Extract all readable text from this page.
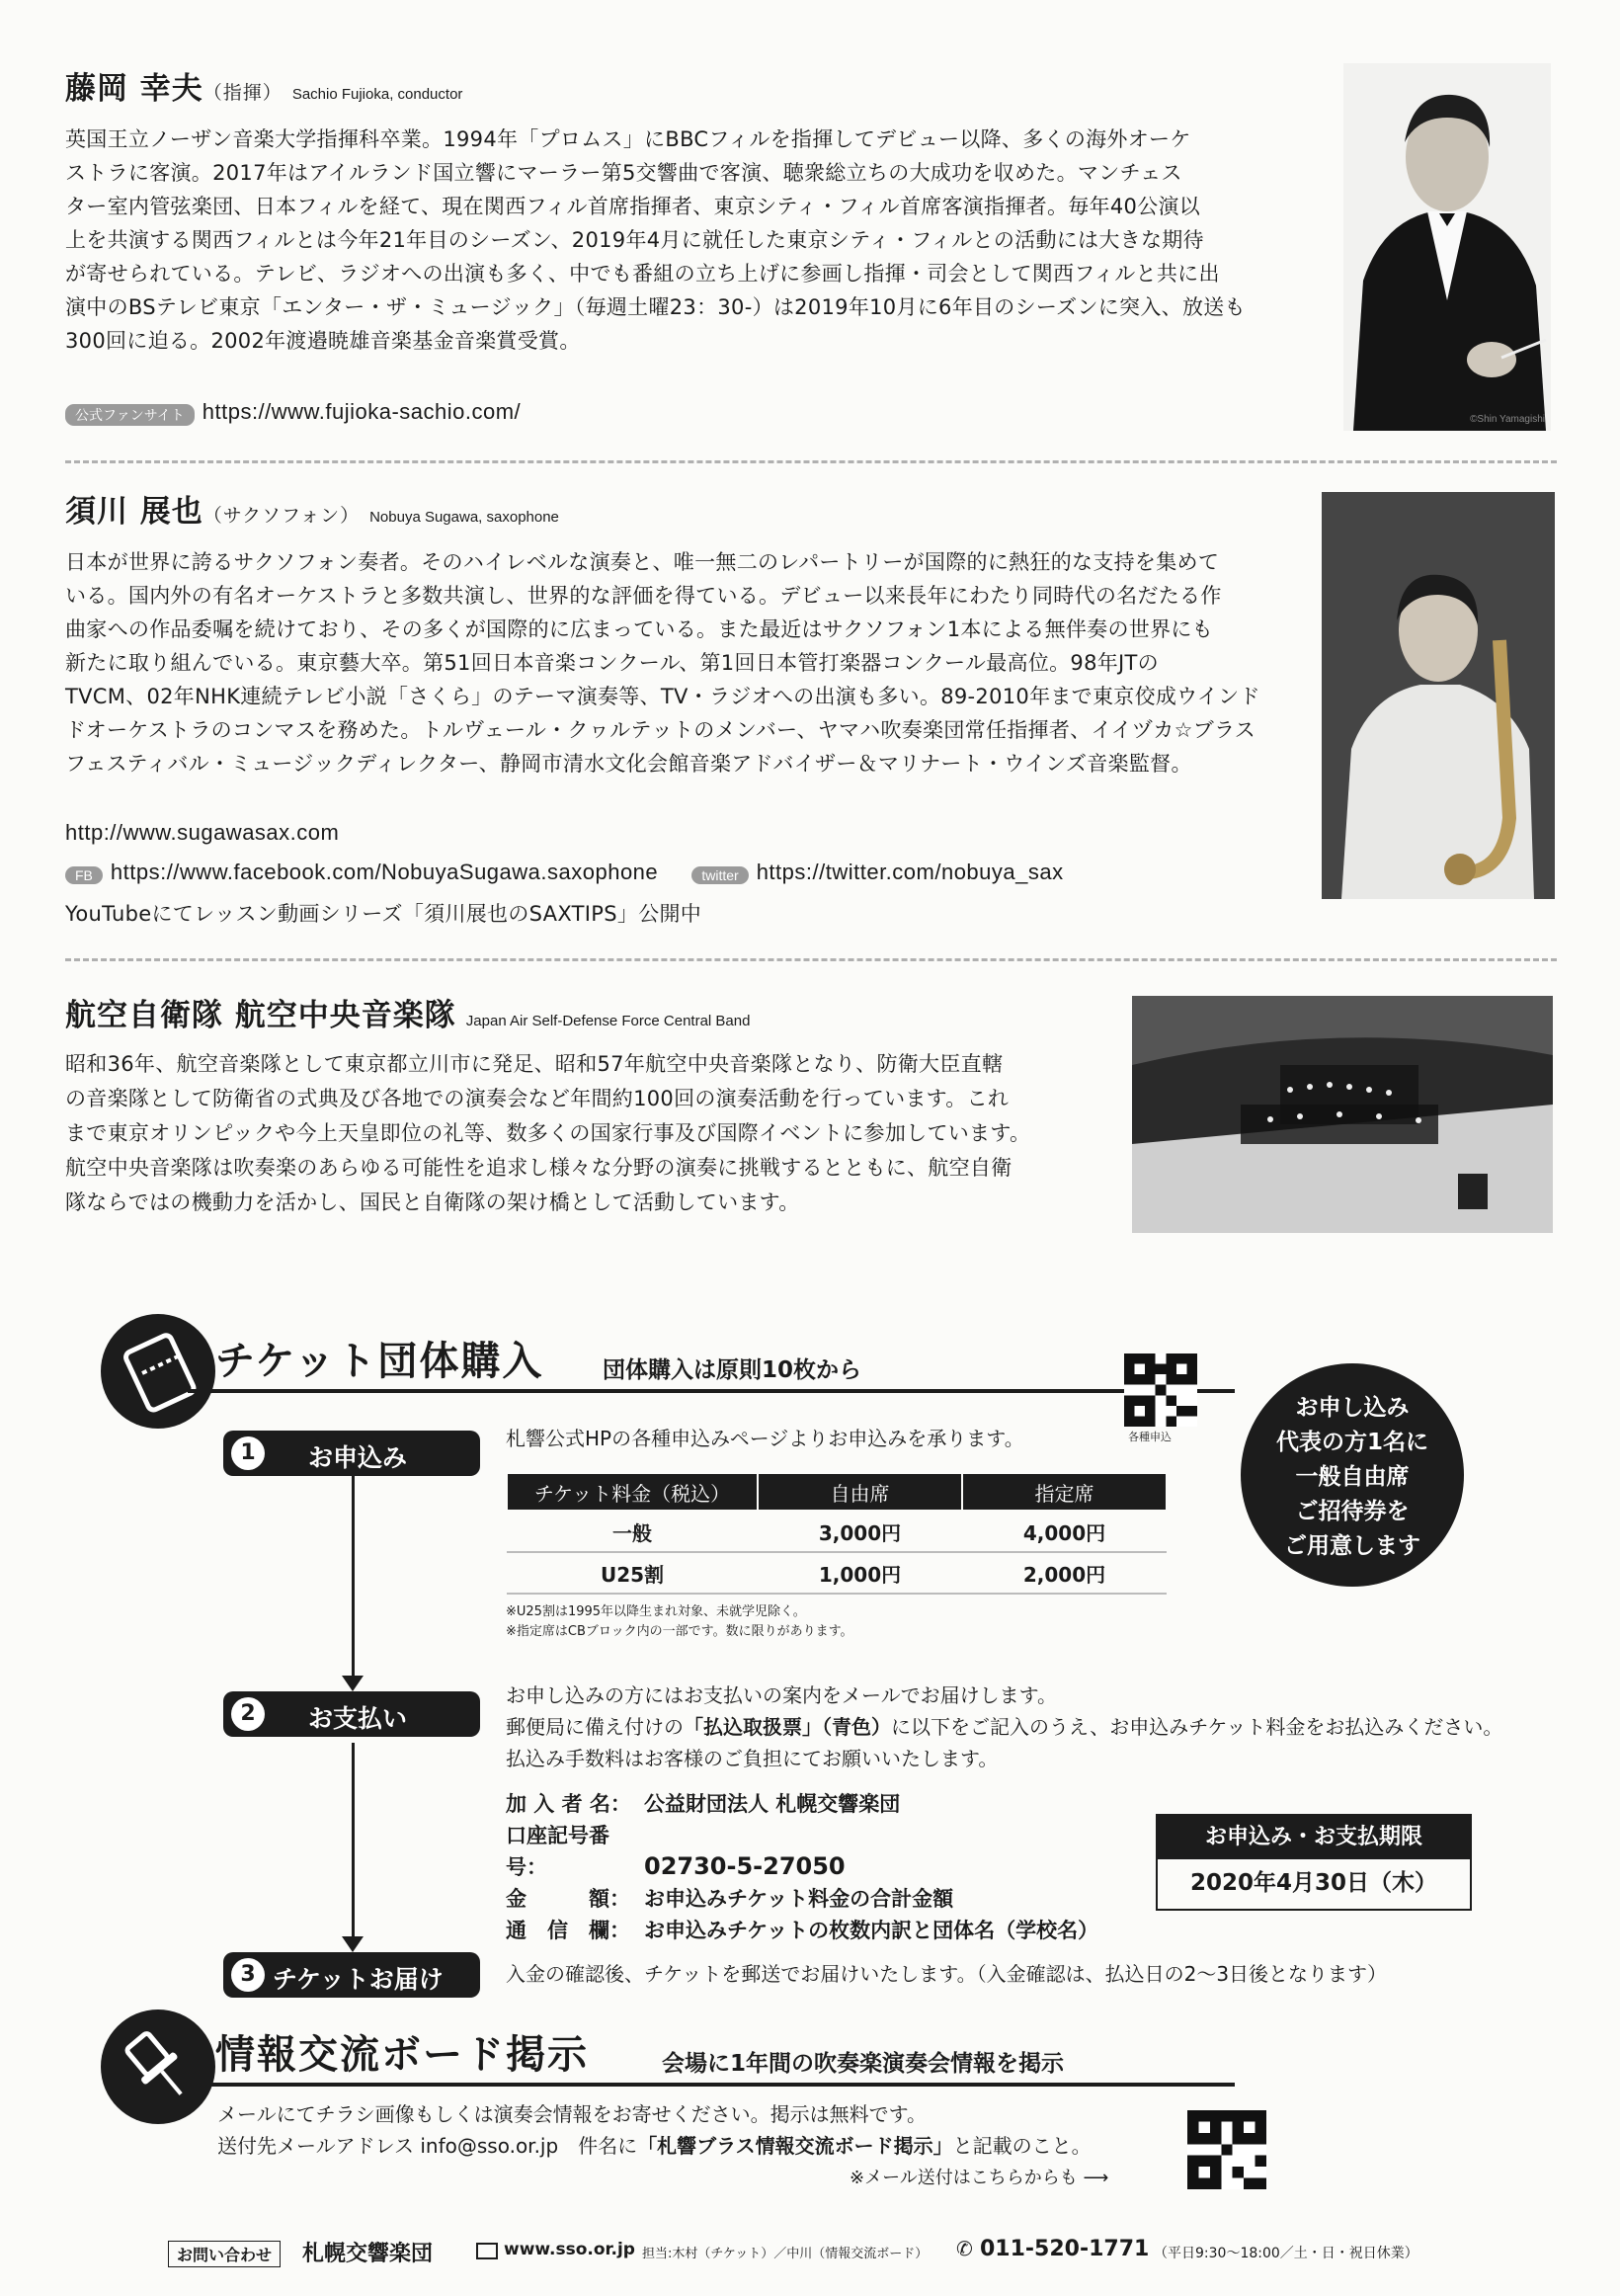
藤岡 幸夫（指揮） Sachio Fujioka, conductor
英国王立ノーザン音楽大学指揮科卒業。1994年「プロムス」にBBCフィルを指揮してデビュー以降、多くの海外オーケ
ストラに客演。2017年はアイルランド国立響にマーラー第5交響曲で客演、聴衆総立ちの大成功を収めた。マンチェス
ター室内管弦楽団、日本フィルを経て、現在関西フィル首席指揮者、東京シティ・フィル首席客演指揮者。毎年40公演以
上を共演する関西フィルとは今年21年目のシーズン、2019年4月に就任した東京シティ・フィルとの活動には大きな期待
が寄せられている。テレビ、ラジオへの出演も多く、中でも番組の立ち上げに参画し指揮・司会として関西フィルと共に出
演中のBSテレビ東京「エンター・ザ・ミュージック」（毎週土曜23：30-）は2019年10月に6年目のシーズンに突入、放送も
300回に迫る。2002年渡邉暁雄音楽基金音楽賞受賞。
公式ファンサイト https://www.fujioka-sachio.com/	©Shin Yamagishi
須川 展也（サクソフォン） Nobuya Sugawa, saxophone
日本が世界に誇るサクソフォン奏者。そのハイレベルな演奏と、唯一無二のレパートリーが国際的に熱狂的な支持を集めて
いる。国内外の有名オーケストラと多数共演し、世界的な評価を得ている。デビュー以来長年にわたり同時代の名だたる作
曲家への作品委嘱を続けており、その多くが国際的に広まっている。また最近はサクソフォン1本による無伴奏の世界にも
新たに取り組んでいる。東京藝大卒。第51回日本音楽コンクール、第1回日本管打楽器コンクール最高位。98年JTの
TVCM、02年NHK連続テレビ小説「さくら」のテーマ演奏等、TV・ラジオへの出演も多い。89-2010年まで東京佼成ウインド
ドオーケストラのコンマスを務めた。トルヴェール・クヮルテットのメンバー、ヤマハ吹奏楽団常任指揮者、イイヅカ☆ブラス
フェスティバル・ミュージックディレクター、静岡市清水文化会館音楽アドバイザー＆マリナート・ウインズ音楽監督。
http://www.sugawasax.com
FB https://www.facebook.com/NobuyaSugawa.saxophone	twitter https://twitter.com/nobuya_sax
YouTubeにてレッスン動画シリーズ「須川展也のSAXTIPS」公開中
航空自衛隊 航空中央音楽隊 Japan Air Self-Defense Force Central Band
昭和36年、航空音楽隊として東京都立川市に発足、昭和57年航空中央音楽隊となり、防衛大臣直轄
の音楽隊として防衛省の式典及び各地での演奏会など年間約100回の演奏活動を行っています。これ
まで東京オリンピックや今上天皇即位の礼等、数多くの国家行事及び国際イベントに参加しています。
航空中央音楽隊は吹奏楽のあらゆる可能性を追求し様々な分野の演奏に挑戦するとともに、航空自衛
隊ならではの機動力を活かし、国民と自衛隊の架け橋として活動しています。
チケット団体購入	団体購入は原則10枚から
各種申込
1	お申込み
札響公式HPの各種申込みページよりお申込みを承ります。
チケット料金（税込）	自由席	指定席
一般	3,000円	4,000円
U25割	1,000円	2,000円
※U25割は1995年以降生まれ対象、未就学児除く。
※指定席はCBブロック内の一部です。数に限りがあります。
お申し込み
代表の方1名に
一般自由席
ご招待券を
ご用意します
2	お支払い
お申し込みの方にはお支払いの案内をメールでお届けします。
郵便局に備え付けの「払込取扱票」（青色）に以下をご記入のうえ、お申込みチケット料金をお払込みください。
払込み手数料はお客様のご負担にてお願いいたします。
加 入 者 名： 公益財団法人 札幌交響楽団
口座記号番号：	02730-5-27050
金　　　額： お申込みチケット料金の合計金額
通　信　欄： お申込みチケットの枚数内訳と団体名（学校名）
お申込み・お支払期限
2020年4月30日（木）
3 チケットお届け	入金の確認後、チケットを郵送でお届けいたします。（入金確認は、払込日の2～3日後となります）
情報交流ボード掲示	会場に1年間の吹奏楽演奏会情報を掲示
メールにてチラシ画像もしくは演奏会情報をお寄せください。掲示は無料です。
送付先メールアドレス info@sso.or.jp　件名に「札響ブラス情報交流ボード掲示」と記載のこと。
※メール送付はこちらからも ⟶
お問い合わせ	札幌交響楽団	www.sso.or.jp 担当:木村（チケット）／中川（情報交流ボード） ✆ 011-520-1771 （平日9:30～18:00／土・日・祝日休業）
